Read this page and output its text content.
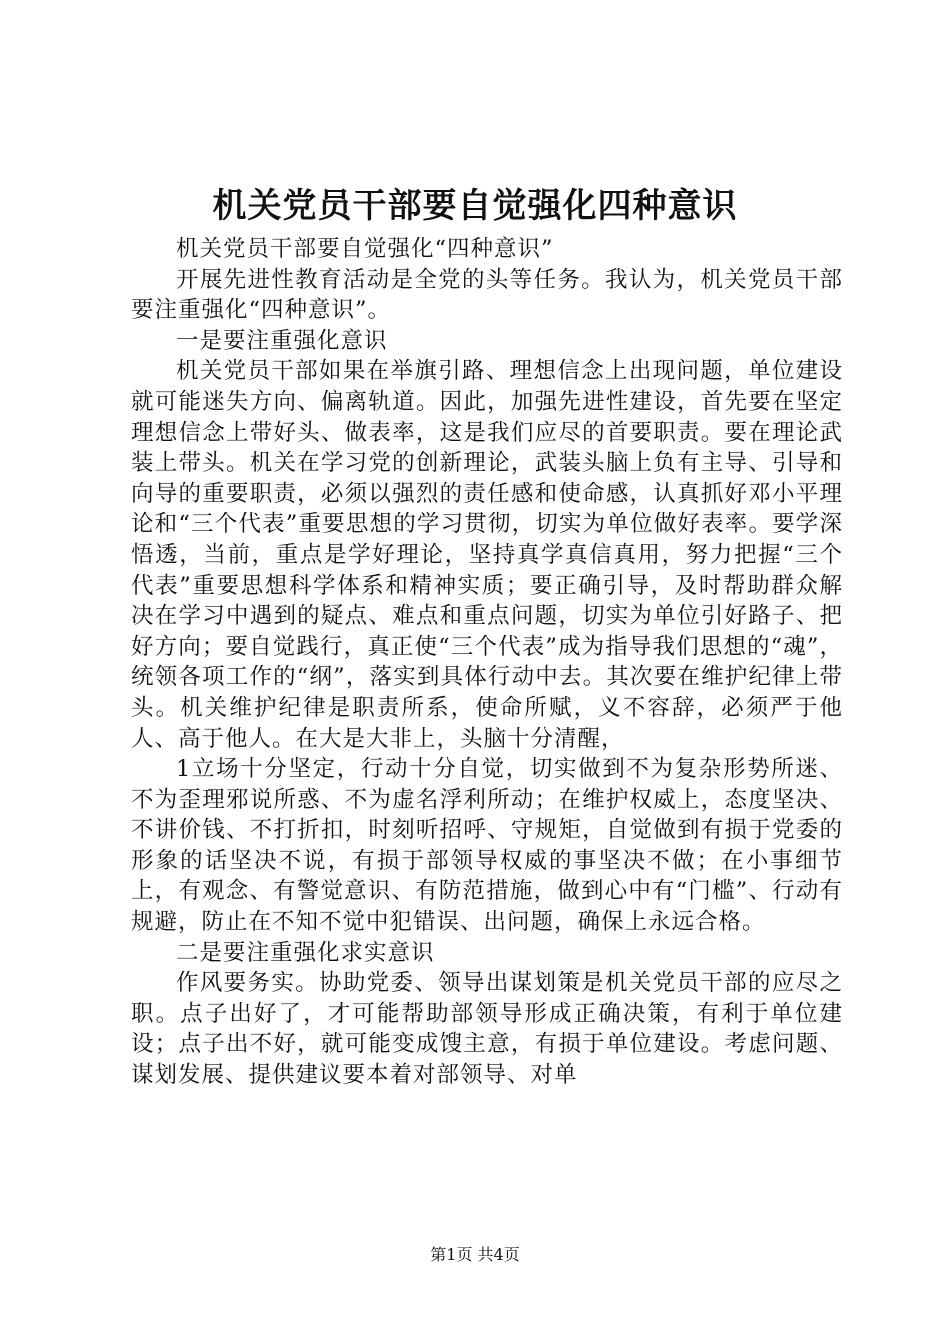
机关党员干部要自觉强化四种意识

机关党员干部要自觉强化“四种意识”

开展先进性教育活动是全党的头等任务。我认为，机关党员干部要注重强化“四种意识”。

一是要注重强化意识

机关党员干部如果在举旗引路、理想信念上出现问题，单位建设就可能迷失方向、偏离轨道。因此，加强先进性建设，首先要在坚定理想信念上带好头、做表率，这是我们应尽的首要职责。要在理论武装上带头。机关在学习党的创新理论，武装头脑上负有主导、引导和向导的重要职责，必须以强烈的责任感和使命感，认真抓好邓小平理论和“三个代表”重要思想的学习贯彻，切实为单位做好表率。要学深悟透，当前，重点是学好理论，坚持真学真信真用，努力把握“三个代表”重要思想科学体系和精神实质；要正确引导，及时帮助群众解决在学习中遇到的疑点、难点和重点问题，切实为单位引好路子、把好方向；要自觉践行，真正使“三个代表”成为指导我们思想的“魂”，统领各项工作的“纲”，落实到具体行动中去。其次要在维护纪律上带头。机关维护纪律是职责所系，使命所赋，义不容辞，必须严于他人、高于他人。在大是大非上，头脑十分清醒，

1立场十分坚定，行动十分自觉，切实做到不为复杂形势所迷、不为歪理邪说所惑、不为虚名浮利所动；在维护权威上，态度坚决、不讲价钱、不打折扣，时刻听招呼、守规矩，自觉做到有损于党委的形象的话坚决不说，有损于部领导权威的事坚决不做；在小事细节上，有观念、有警觉意识、有防范措施，做到心中有“门槛”、行动有规避，防止在不知不觉中犯错误、出问题，确保上永远合格。

二是要注重强化求实意识

作风要务实。协助党委、领导出谋划策是机关党员干部的应尽之职。点子出好了，才可能帮助部领导形成正确决策，有利于单位建设；点子出不好，就可能变成馊主意，有损于单位建设。考虑问题、谋划发展、提供建议要本着对部领导、对单

第1页 共4页
